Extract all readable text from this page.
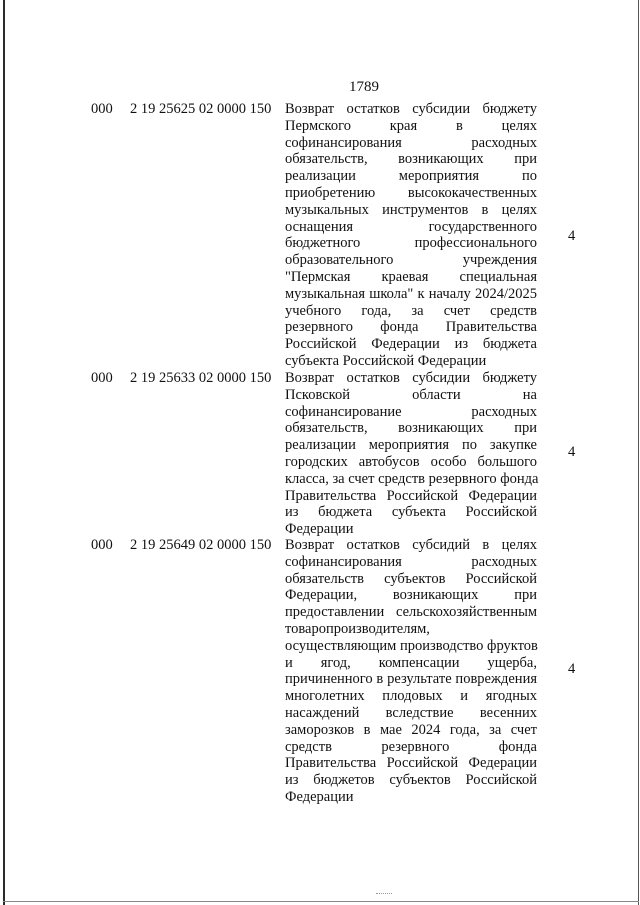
1789
000 2 19 25625 02 0000 150 Возврат остатков субсидии бюджету
Пермского края в целях
софинансирования расходных
обязательств, возникающих при
реализации мероприятия по
приобретению высококачественных
музыкальных инструментов в целях
оснащения государственного
бюджетного профессионального
образовательного учреждения
"Пермская краевая специальная
музыкальная школа" к началу 2024/2025
учебного года, за счет средств
резервного фонда Правительства
Российской Федерации из бюджета
субъекта Российской Федерации
4
000 2 19 25633 02 0000 150 Возврат остатков субсидии бюджету
Псковской области на
софинансирование расходных
обязательств, возникающих при
реализации мероприятия по закупке
городских автобусов особо большого
класса, за счет средств резервного фонда
Правительства Российской Федерации
из бюджета субъекта Российской
Федерации
4
000 2 19 25649 02 0000 150 Возврат остатков субсидий в целях
софинансирования расходных
обязательств субъектов Российской
Федерации, возникающих при
предоставлении сельскохозяйственным
товаропроизводителям,
осуществляющим производство фруктов
и ягод, компенсации ущерба,
причиненного в результате повреждения
многолетних плодовых и ягодных
насаждений вследствие весенних
заморозков в мае 2024 года, за счет
средств резервного фонда
Правительства Российской Федерации
из бюджетов субъектов Российской
Федерации
4
